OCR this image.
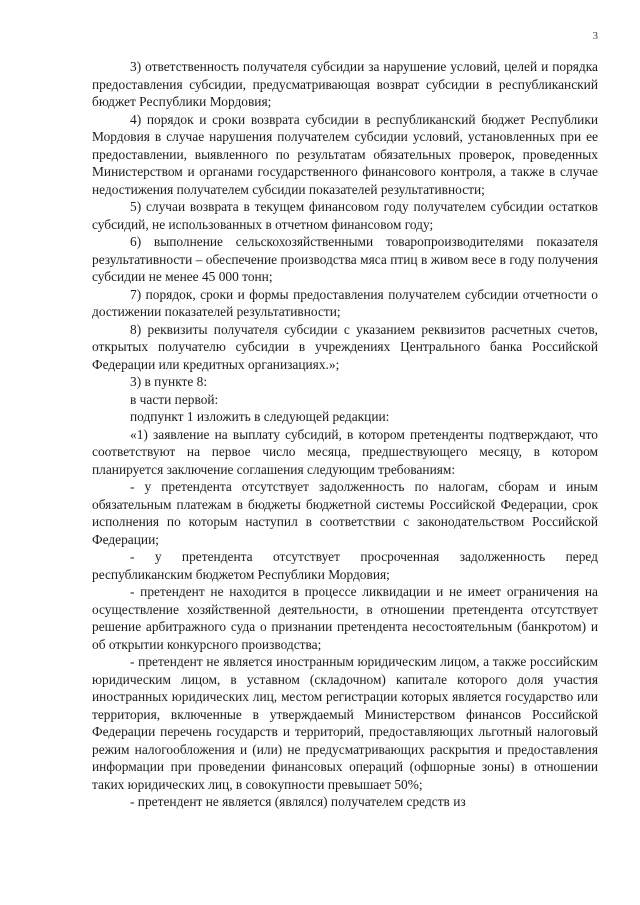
3

3) ответственность получателя субсидии за нарушение условий, целей и порядка предоставления субсидии, предусматривающая возврат субсидии в республиканский бюджет Республики Мордовия;

4) порядок и сроки возврата субсидии в республиканский бюджет Республики Мордовия в случае нарушения получателем субсидии условий, установленных при ее предоставлении, выявленного по результатам обязательных проверок, проведенных Министерством и органами государственного финансового контроля, а также в случае недостижения получателем субсидии показателей результативности;

5) случаи возврата в текущем финансовом году получателем субсидии остатков субсидий, не использованных в отчетном финансовом году;

6) выполнение сельскохозяйственными товаропроизводителями показателя результативности – обеспечение производства мяса птиц в живом весе в году получения субсидии не менее 45 000 тонн;

7) порядок, сроки и формы предоставления получателем субсидии отчетности о достижении показателей результативности;

8) реквизиты получателя субсидии с указанием реквизитов расчетных счетов, открытых получателю субсидии в учреждениях Центрального банка Российской Федерации или кредитных организациях.»;

3) в пункте 8:

в части первой:

подпункт 1 изложить в следующей редакции:

«1) заявление на выплату субсидий, в котором претенденты подтверждают, что соответствуют на первое число месяца, предшествующего месяцу, в котором планируется заключение соглашения следующим требованиям:

- у претендента отсутствует задолженность по налогам, сборам и иным обязательным платежам в бюджеты бюджетной системы Российской Федерации, срок исполнения по которым наступил в соответствии с законодательством Российской Федерации;

- у претендента отсутствует просроченная задолженность перед республиканским бюджетом Республики Мордовия;

- претендент не находится в процессе ликвидации и не имеет ограничения на осуществление хозяйственной деятельности, в отношении претендента отсутствует решение арбитражного суда о признании претендента несостоятельным (банкротом) и об открытии конкурсного производства;

- претендент не является иностранным юридическим лицом, а также российским юридическим лицом, в уставном (складочном) капитале которого доля участия иностранных юридических лиц, местом регистрации которых является государство или территория, включенные в утверждаемый Министерством финансов Российской Федерации перечень государств и территорий, предоставляющих льготный налоговый режим налогообложения и (или) не предусматривающих раскрытия и предоставления информации при проведении финансовых операций (офшорные зоны) в отношении таких юридических лиц, в совокупности превышает 50%;

- претендент не является (являлся) получателем средств из
